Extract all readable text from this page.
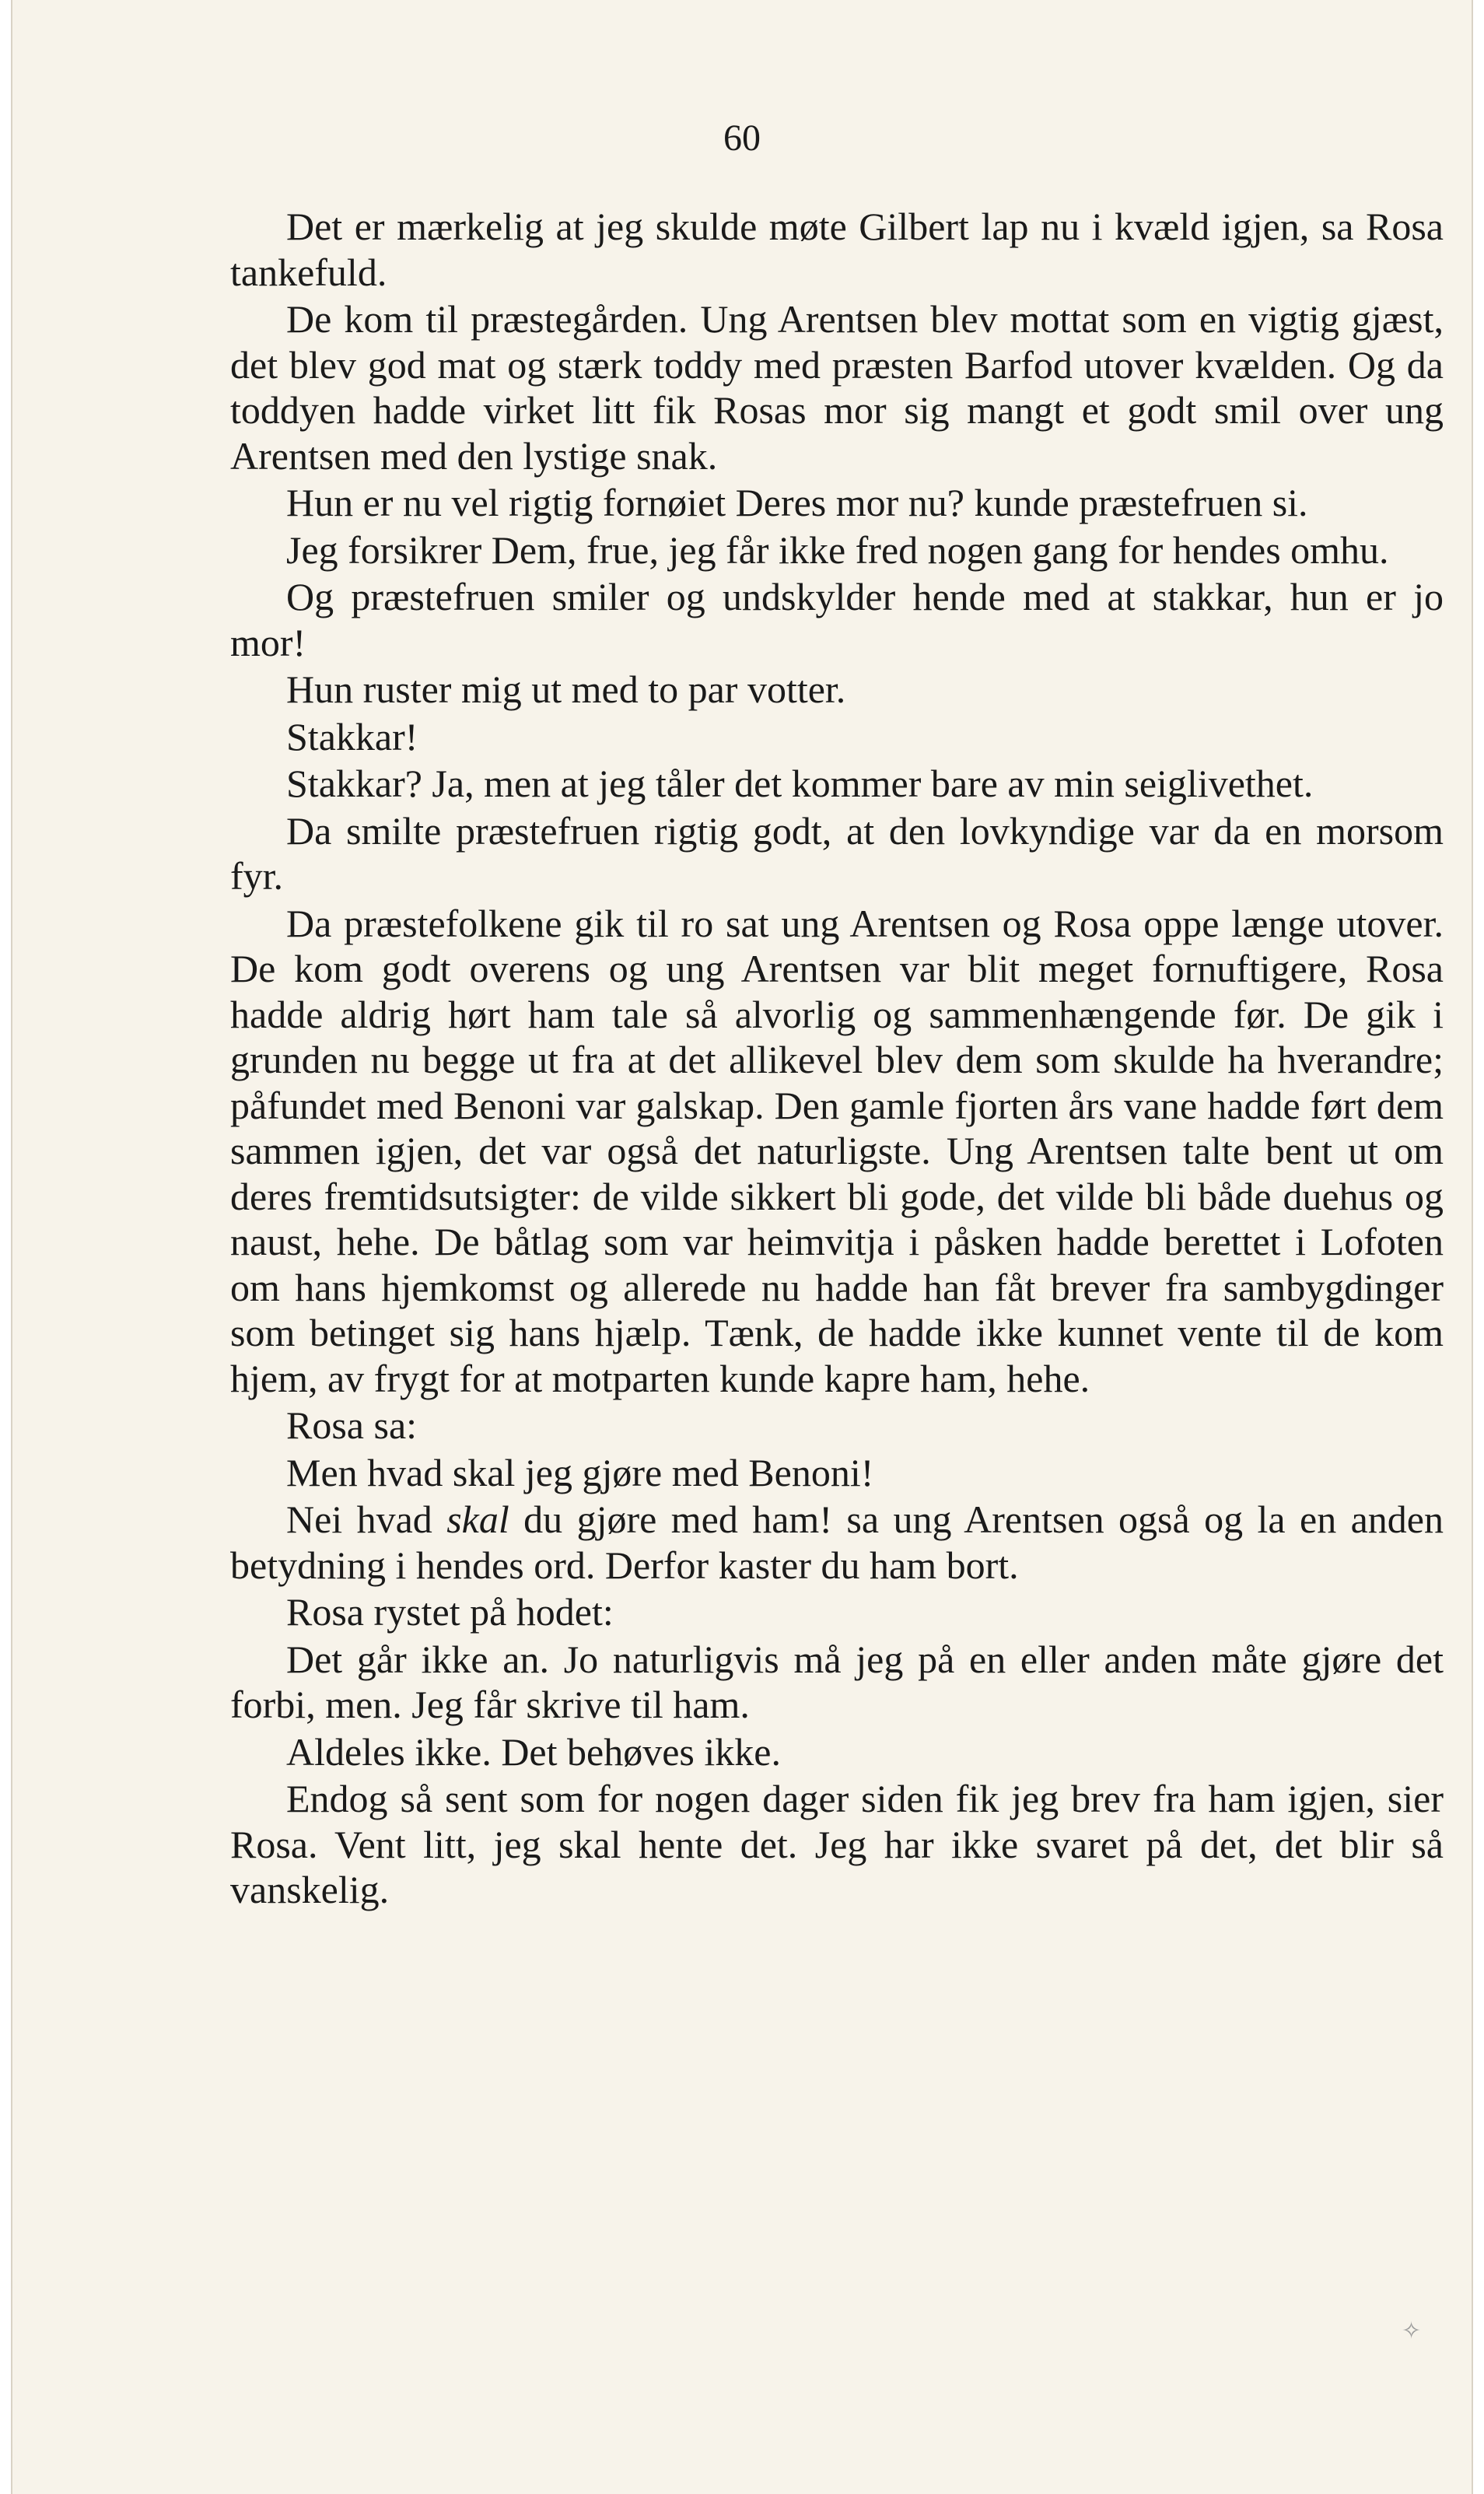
60

Det er mærkelig at jeg skulde møte Gilbert lap nu i kvæld igjen, sa Rosa tankefuld.

De kom til præstegården. Ung Arentsen blev mottat som en vigtig gjæst, det blev god mat og stærk toddy med præsten Barfod utover kvælden. Og da toddyen hadde virket litt fik Rosas mor sig mangt et godt smil over ung Arentsen med den lystige snak.

Hun er nu vel rigtig fornøiet Deres mor nu? kunde præstefruen si.

Jeg forsikrer Dem, frue, jeg får ikke fred nogen gang for hendes omhu.

Og præstefruen smiler og undskylder hende med at stakkar, hun er jo mor!

Hun ruster mig ut med to par votter.

Stakkar!

Stakkar? Ja, men at jeg tåler det kommer bare av min seiglivethet.

Da smilte præstefruen rigtig godt, at den lovkyndige var da en morsom fyr.

Da præstefolkene gik til ro sat ung Arentsen og Rosa oppe længe utover. De kom godt overens og ung Arentsen var blit meget fornuftigere, Rosa hadde aldrig hørt ham tale så alvorlig og sammenhængende før. De gik i grunden nu begge ut fra at det allikevel blev dem som skulde ha hverandre; påfundet med Benoni var galskap. Den gamle fjorten års vane hadde ført dem sammen igjen, det var også det naturligste. Ung Arentsen talte bent ut om deres fremtidsutsigter: de vilde sikkert bli gode, det vilde bli både duehus og naust, hehe. De båtlag som var heimvitja i påsken hadde berettet i Lofoten om hans hjemkomst og allerede nu hadde han fåt brever fra sambygdinger som betinget sig hans hjælp. Tænk, de hadde ikke kunnet vente til de kom hjem, av frygt for at motparten kunde kapre ham, hehe.

Rosa sa:

Men hvad skal jeg gjøre med Benoni!

Nei hvad skal du gjøre med ham! sa ung Arentsen også og la en anden betydning i hendes ord. Derfor kaster du ham bort.

Rosa rystet på hodet:

Det går ikke an. Jo naturligvis må jeg på en eller anden måte gjøre det forbi, men. Jeg får skrive til ham.

Aldeles ikke. Det behøves ikke.

Endog så sent som for nogen dager siden fik jeg brev fra ham igjen, sier Rosa. Vent litt, jeg skal hente det. Jeg har ikke svaret på det, det blir så vanskelig.

✧
